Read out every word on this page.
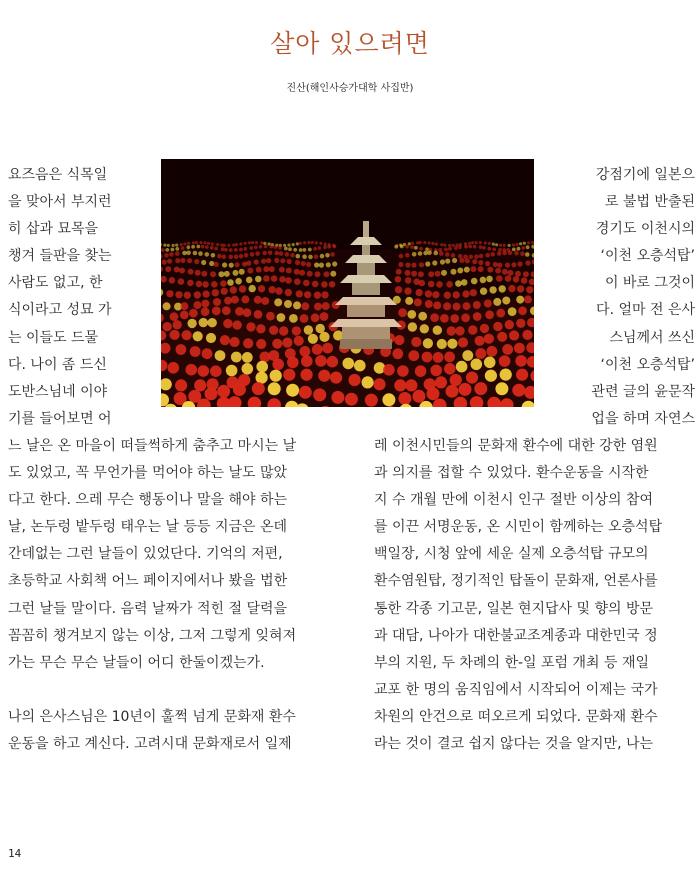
살아 있으려면
진산(해인사승가대학 사집반)
요즈음은 식목일
을 맞아서 부지런
히 삽과 묘목을
챙겨 들판을 찾는
사람도 없고, 한
식이라고 성묘 가
는 이들도 드물
다. 나이 좀 드신
도반스님네 이야
기를 들어보면 어
강점기에 일본으
로 불법 반출된
경기도 이천시의
‘이천 오층석탑’
이 바로 그것이
다. 얼마 전 은사
스님께서 쓰신
‘이천 오층석탑’
관련 글의 윤문작
업을 하며 자연스
느 날은 온 마을이 떠들썩하게 춤추고 마시는 날
도 있었고, 꼭 무언가를 먹어야 하는 날도 많았
다고 한다. 으레 무슨 행동이나 말을 해야 하는
날, 논두렁 밭두렁 태우는 날 등등 지금은 온데
간데없는 그런 날들이 있었단다. 기억의 저편,
초등학교 사회책 어느 페이지에서나 봤을 법한
그런 날들 말이다. 음력 날짜가 적힌 절 달력을
꼼꼼히 챙겨보지 않는 이상, 그저 그렇게 잊혀져
가는 무슨 무슨 날들이 어디 한둘이겠는가.
나의 은사스님은 10년이 훌쩍 넘게 문화재 환수
운동을 하고 계신다. 고려시대 문화재로서 일제
레 이천시민들의 문화재 환수에 대한 강한 염원
과 의지를 접할 수 있었다. 환수운동을 시작한
지 수 개월 만에 이천시 인구 절반 이상의 참여
를 이끈 서명운동, 온 시민이 함께하는 오층석탑
백일장, 시청 앞에 세운 실제 오층석탑 규모의
환수염원탑, 정기적인 탑돌이 문화재, 언론사를
통한 각종 기고문, 일본 현지답사 및 향의 방문
과 대담, 나아가 대한불교조계종과 대한민국 정
부의 지원, 두 차례의 한-일 포럼 개최 등 재일
교포 한 명의 움직임에서 시작되어 이제는 국가
차원의 안건으로 떠오르게 되었다. 문화재 환수
라는 것이 결코 쉽지 않다는 것을 알지만, 나는
14
